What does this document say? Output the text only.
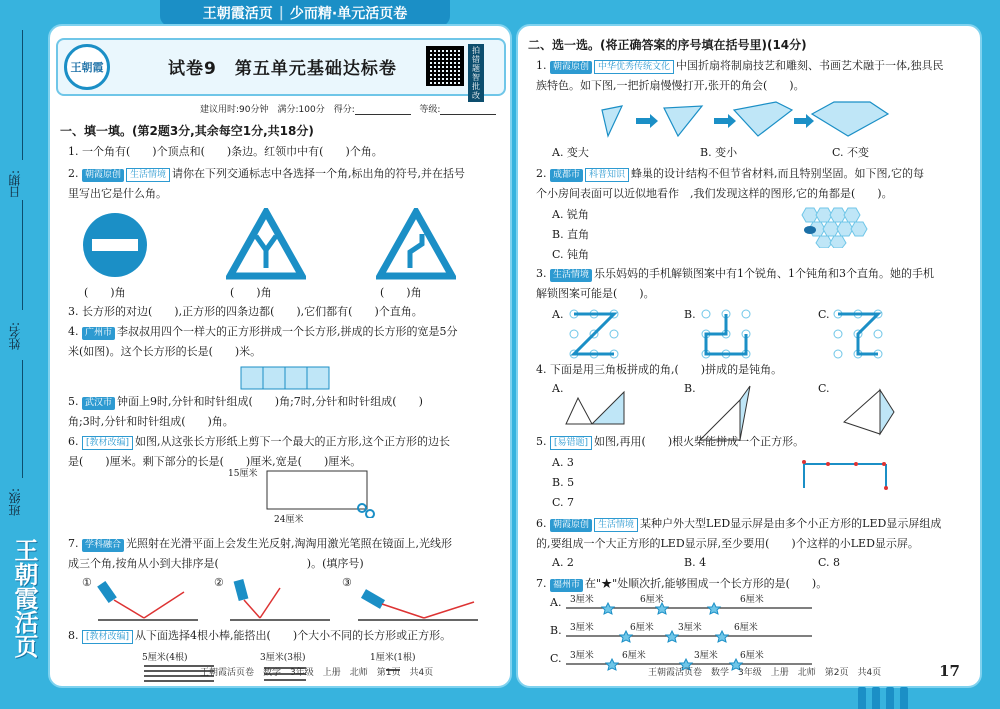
王朝霞活页 | 少而精·单元活页卷
日期:
姓名:
班级:
王朝霞活页
王朝霞	试卷9　第五单元基础达标卷
拍错题智批改
建议用时:90分钟　满分:100分　得分:	等级:
一、填一填。(第2题3分,其余每空1分,共18分)
1. 一个角有(　　)个顶点和(　　)条边。红领巾中有(　　)个角。
2. 朝霞原创 生活情境 请你在下列交通标志中各选择一个角,标出角的符号,并在括号
里写出它是什么角。
(　　)角	(　　)角	(　　)角
3. 长方形的对边(　　),正方形的四条边都(　　),它们都有(　　)个直角。
4. 广州市 李叔叔用四个一样大的正方形拼成一个长方形,拼成的长方形的宽是5分
米(如图)。这个长方形的长是(　　)米。
5. 武汉市 钟面上9时,分针和时针组成(　　)角;7时,分针和时针组成(　　)
角;3时,分针和时针组成(　　)角。
6. [教材改编] 如图,从这张长方形纸上剪下一个最大的正方形,这个正方形的边长
是(　　)厘米。剩下部分的长是(　　)厘米,宽是(　　)厘米。
15厘米
24厘米
7. 学科融合 光照射在光滑平面上会发生光反射,淘淘用激光笔照在镜面上,光线形
成三个角,按角从小到大排序是(　　　　　　　　)。(填序号)
①	②	③
8. [教材改编] 从下面选择4根小棒,能搭出(　　)个大小不同的长方形或正方形。
5厘米(4根)	3厘米(3根)	1厘米(1根)
王朝霞活页卷　数学　3年级　上册　北师　第1页　共4页
二、选一选。(将正确答案的序号填在括号里)(14分)
1. 朝霞原创 中华优秀传统文化 中国折扇将制扇技艺和雕刻、书画艺术融于一体,独具民
族特色。如下图,一把折扇慢慢打开,张开的角会(　　)。
A. 变大	B. 变小	C. 不变
2. 成都市 科普知识 蜂巢的设计结构不但节省材料,而且特别坚固。如下图,它的每
个小房间表面可以近似地看作　,我们发现这样的图形,它的角都是(　　)。
A. 锐角
B. 直角
C. 钝角
3. 生活情境 乐乐妈妈的手机解锁图案中有1个锐角、1个钝角和3个直角。她的手机
解锁图案可能是(　　)。
A.	B.	C.
4. 下面是用三角板拼成的角,(　　)拼成的是钝角。
A.	B.	C.
5. [易错题] 如图,再用(　　)根火柴能拼成一个正方形。
A. 3
B. 5
C. 7
6. 朝霞原创 生活情境 某种户外大型LED显示屏是由多个小正方形的LED显示屏组成
的,要组成一个大正方形的LED显示屏,至少要用(　　)个这样的小LED显示屏。
A. 2	B. 4	C. 8
7. 福州市 在"★"处顺次折,能够围成一个长方形的是(　　)。
A.
B.
C.
3厘米	6厘米	6厘米
3厘米	6厘米	3厘米	6厘米
3厘米	6厘米	3厘米 6厘米
王朝霞活页卷　数学　3年级　上册　北师　第2页　共4页	17
